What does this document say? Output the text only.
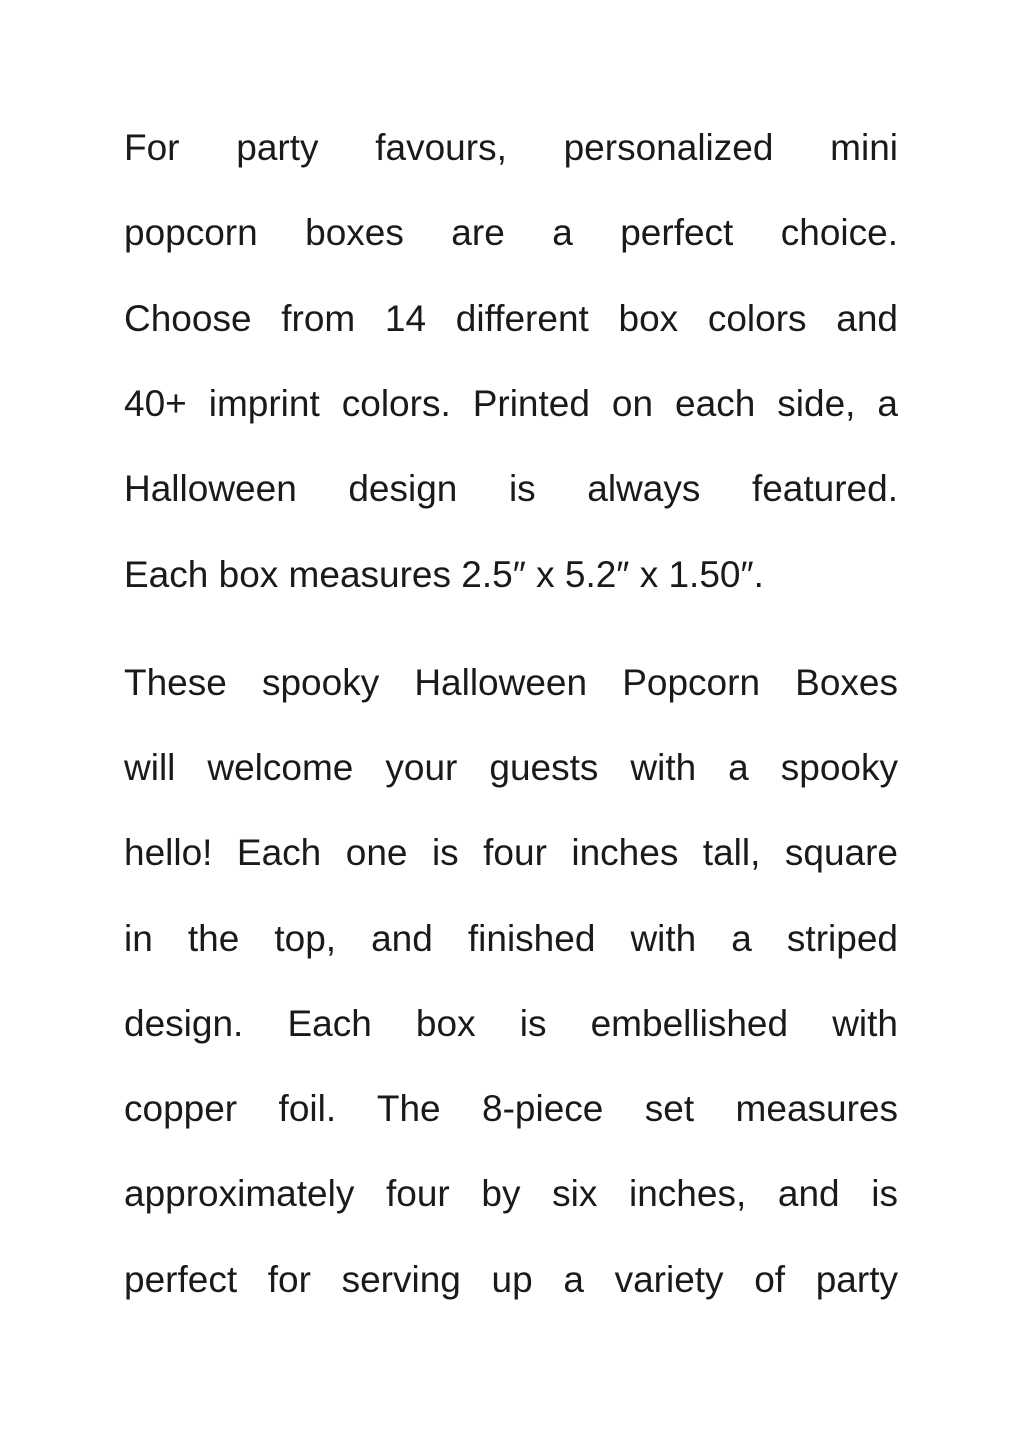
For party favours, personalized mini
popcorn boxes are a perfect choice.
Choose from 14 different box colors and
40+ imprint colors. Printed on each side, a
Halloween design is always featured.
Each box measures 2.5″ x 5.2″ x 1.50″.
These spooky Halloween Popcorn Boxes
will welcome your guests with a spooky
hello! Each one is four inches tall, square
in the top, and finished with a striped
design. Each box is embellished with
copper foil. The 8-piece set measures
approximately four by six inches, and is
perfect for serving up a variety of party
